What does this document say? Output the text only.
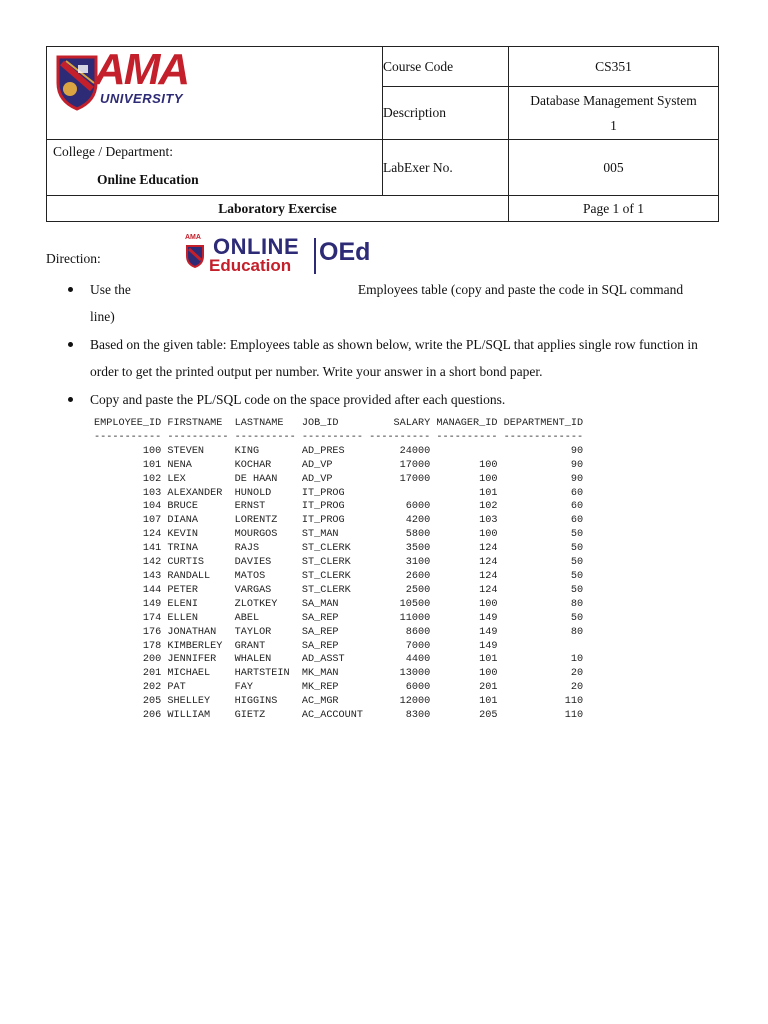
AMA
UNIVERSITY	Course Code	CS351
	Description	Database Management System
1

College / Department:
Online Education	LabExer No.	005
Laboratory Exercise		Page 1 of 1
Direction:
AMA ONLINE
Education OEd
Use the	Employees table (copy and paste the code in SQL command line)
Based on the given table: Employees table as shown below, write the PL/SQL that applies single row function in order to get the printed output per number. Write your answer in a short bond paper.
Copy and paste the PL/SQL code on the space provided after each questions.
EMPLOYEE_ID FIRSTNAME  LASTNAME   JOB_ID         SALARY MANAGER_ID DEPARTMENT_ID
----------- ---------- ---------- ---------- ---------- ---------- -------------
100 STEVEN     KING       AD_PRES         24000                       90
101 NENA       KOCHAR     AD_VP           17000        100            90
102 LEX        DE HAAN    AD_VP           17000        100            90
103 ALEXANDER  HUNOLD     IT_PROG                      101            60
104 BRUCE      ERNST      IT_PROG          6000        102            60
107 DIANA      LORENTZ    IT_PROG          4200        103            60
124 KEVIN      MOURGOS    ST_MAN           5800        100            50
141 TRINA      RAJS       ST_CLERK         3500        124            50
142 CURTIS     DAVIES     ST_CLERK         3100        124            50
143 RANDALL    MATOS      ST_CLERK         2600        124            50
144 PETER      VARGAS     ST_CLERK         2500        124            50
149 ELENI      ZLOTKEY    SA_MAN          10500        100            80
174 ELLEN      ABEL       SA_REP          11000        149            50
176 JONATHAN   TAYLOR     SA_REP           8600        149            80
178 KIMBERLEY  GRANT      SA_REP           7000        149
200 JENNIFER   WHALEN     AD_ASST          4400        101            10
201 MICHAEL    HARTSTEIN  MK_MAN          13000        100            20
202 PAT        FAY        MK_REP           6000        201            20
205 SHELLEY    HIGGINS    AC_MGR          12000        101           110
206 WILLIAM    GIETZ      AC_ACCOUNT       8300        205           110
